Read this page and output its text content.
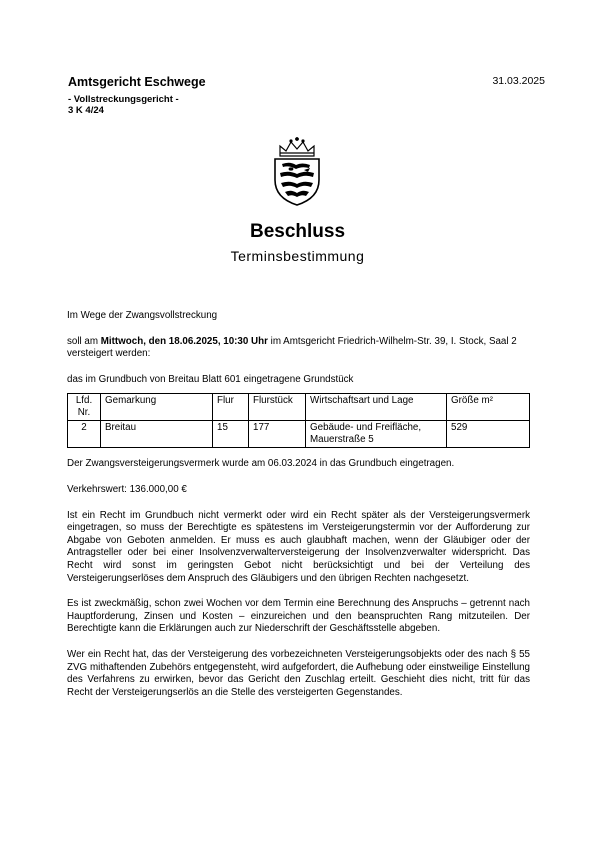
Amtsgericht Eschwege
- Vollstreckungsgericht -
3 K 4/24
31.03.2025
Beschluss
Terminsbestimmung

Im Wege der Zwangsvollstreckung

soll am Mittwoch, den 18.06.2025, 10:30 Uhr im Amtsgericht Friedrich-Wilhelm-Str. 39, I. Stock, Saal 2 versteigert werden:

das im Grundbuch von Breitau Blatt 601 eingetragene Grundstück

Lfd. Nr.	Gemarkung	Flur	Flurstück	Wirtschaftsart und Lage	Größe m²
2	Breitau	15	177	Gebäude- und Freifläche, Mauerstraße 5	529

Der Zwangsversteigerungsvermerk wurde am 06.03.2024 in das Grundbuch eingetragen.

Verkehrswert: 136.000,00 €

Ist ein Recht im Grundbuch nicht vermerkt oder wird ein Recht später als der Versteigerungsvermerk eingetragen, so muss der Berechtigte es spätestens im Versteigerungstermin vor der Aufforderung zur Abgabe von Geboten anmelden. Er muss es auch glaubhaft machen, wenn der Gläubiger oder der Antragsteller oder bei einer Insolvenzverwalterversteigerung der Insolvenzverwalter widerspricht. Das Recht wird sonst im geringsten Gebot nicht berücksichtigt und bei der Verteilung des Versteigerungserlöses dem Anspruch des Gläubigers und den übrigen Rechten nachgesetzt.

Es ist zweckmäßig, schon zwei Wochen vor dem Termin eine Berechnung des Anspruchs – getrennt nach Hauptforderung, Zinsen und Kosten – einzureichen und den beanspruchten Rang mitzuteilen. Der Berechtigte kann die Erklärungen auch zur Niederschrift der Geschäftsstelle abgeben.

Wer ein Recht hat, das der Versteigerung des vorbezeichneten Versteigerungsobjekts oder des nach § 55 ZVG mithaftenden Zubehörs entgegensteht, wird aufgefordert, die Aufhebung oder einstweilige Einstellung des Verfahrens zu erwirken, bevor das Gericht den Zuschlag erteilt. Geschieht dies nicht, tritt für das Recht der Versteigerungserlös an die Stelle des versteigerten Gegenstandes.
